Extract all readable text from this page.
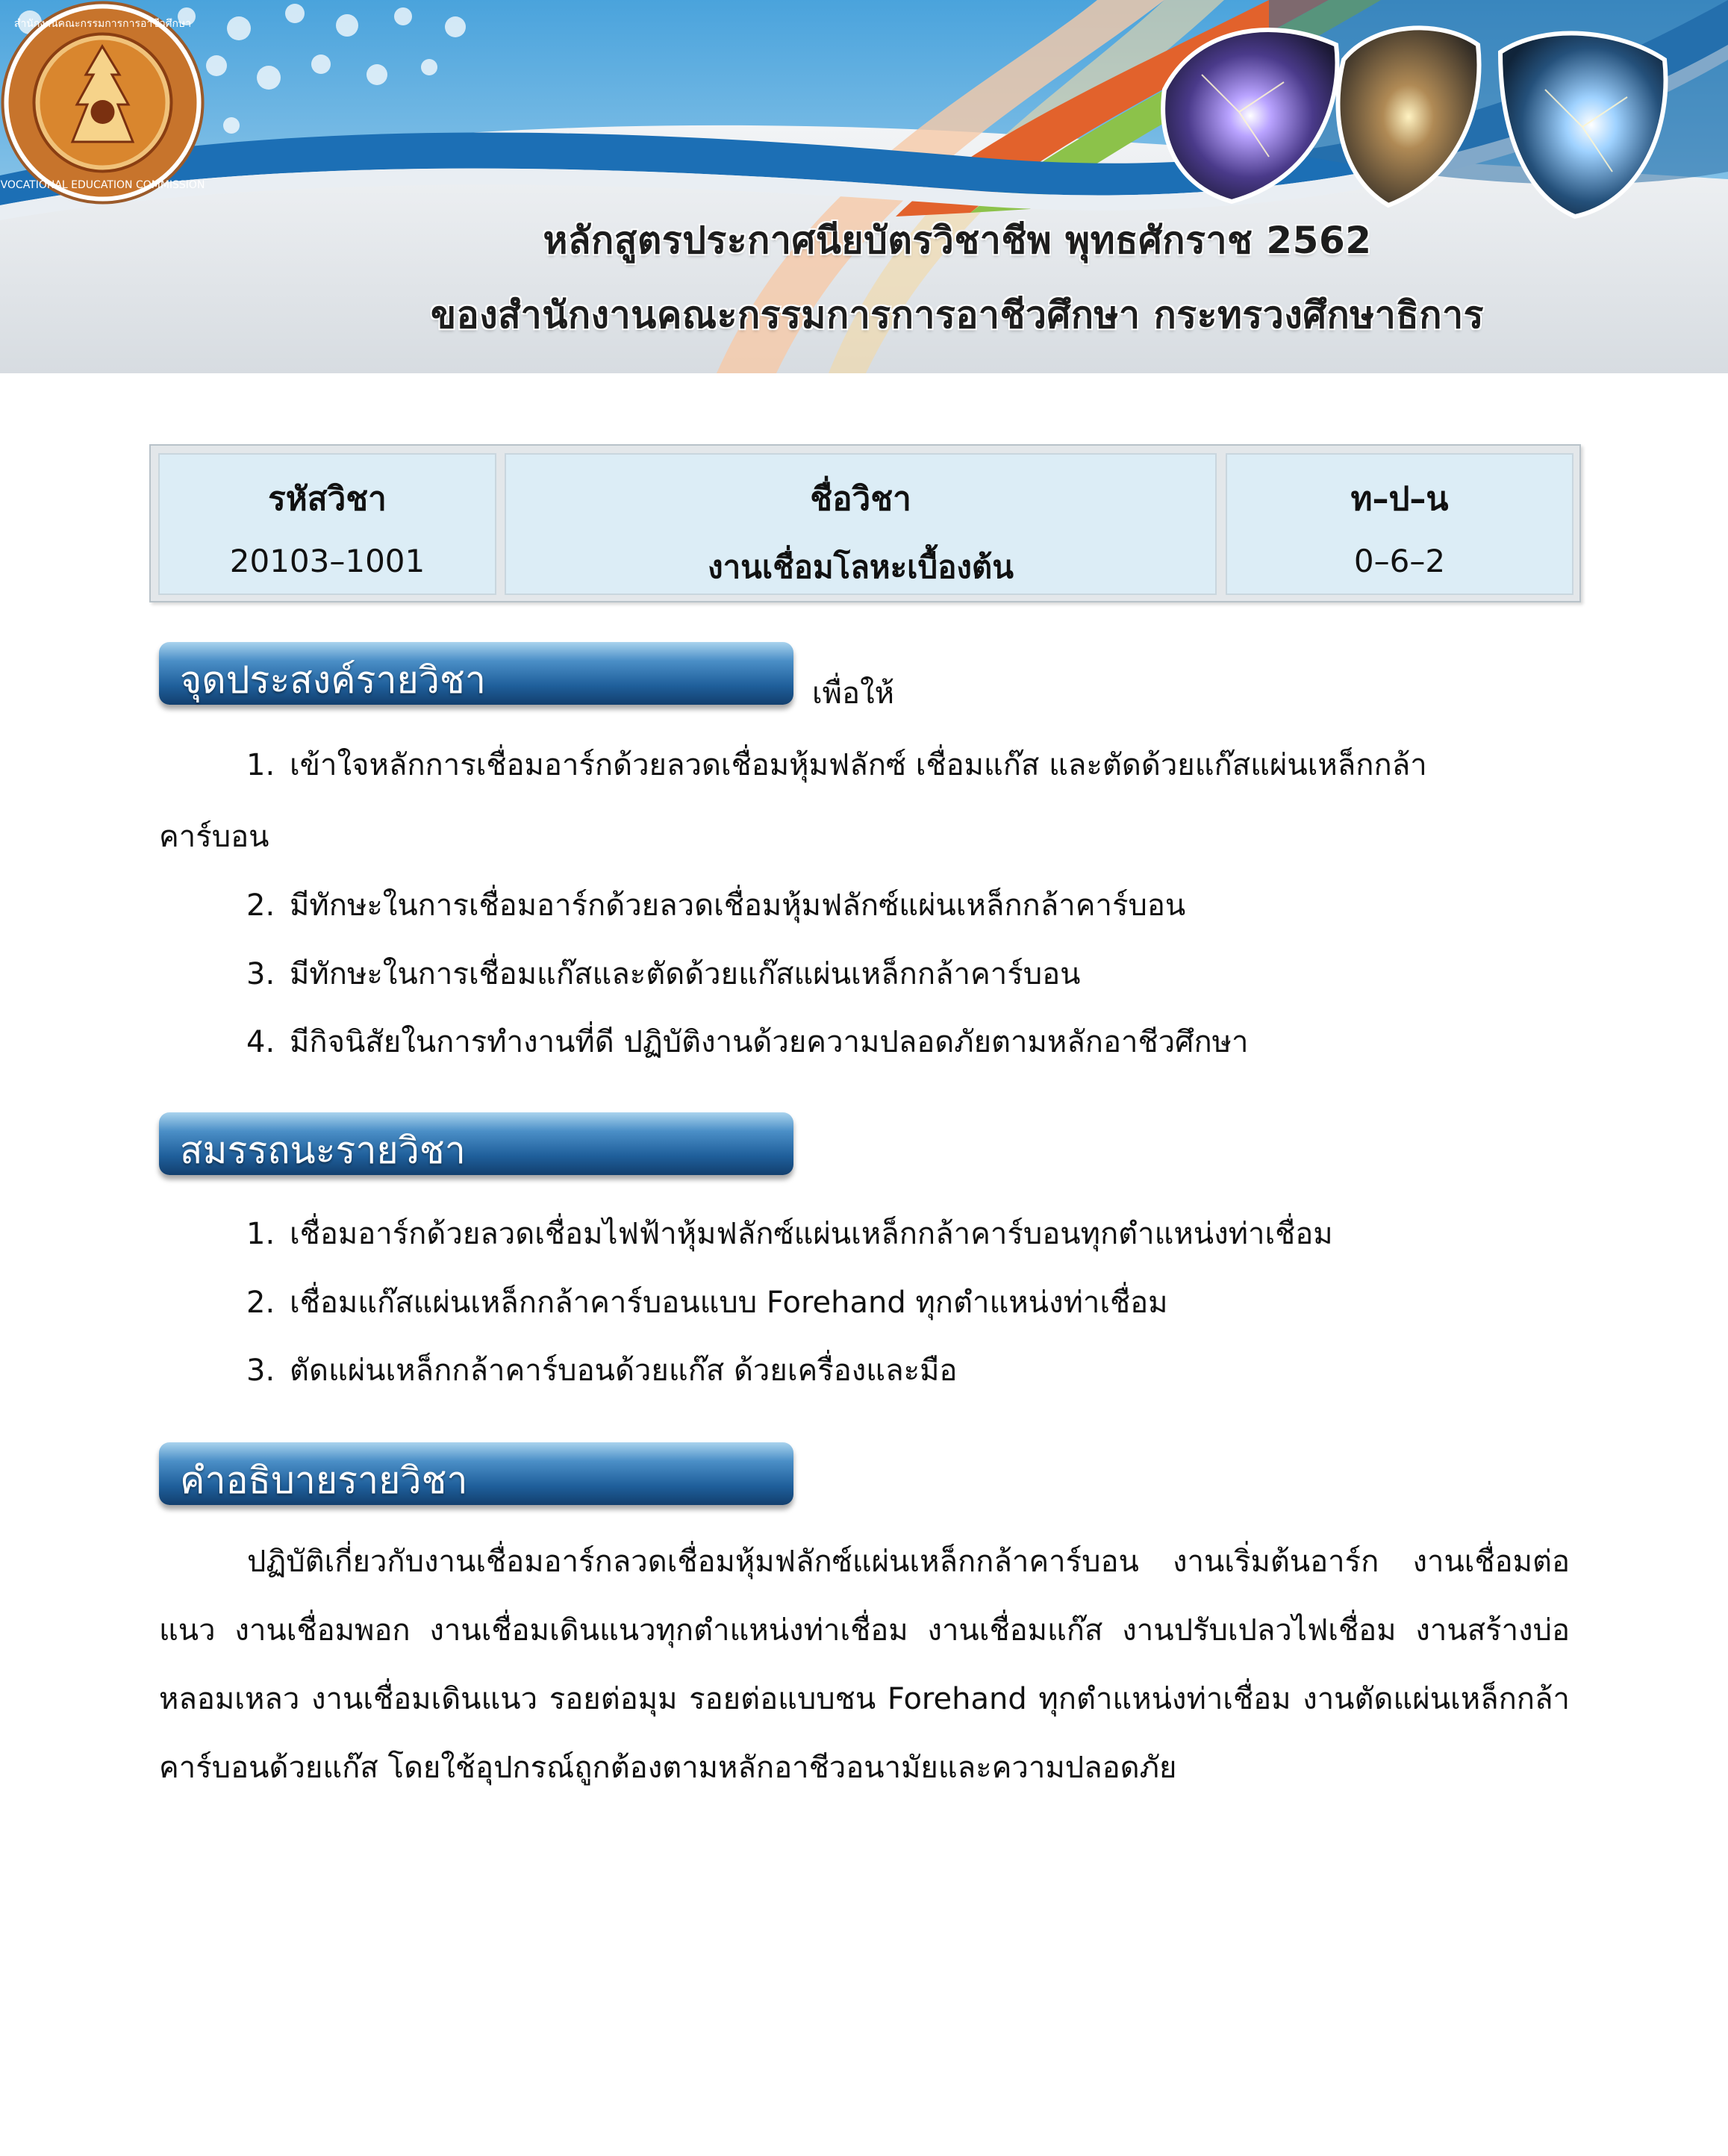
สำนักงานคณะกรรมการการอาชีวศึกษา
VOCATIONAL EDUCATION COMMISSION
หลักสูตรประกาศนียบัตรวิชาชีพ พุทธศักราช 2562
ของสำนักงานคณะกรรมการการอาชีวศึกษา กระทรวงศึกษาธิการ
รหัสวิชา
20103–1001
ชื่อวิชา
งานเชื่อมโลหะเบื้องต้น
ท–ป–น
0–6–2
จุดประสงค์รายวิชา	เพื่อให้
1. เข้าใจหลักการเชื่อมอาร์กด้วยลวดเชื่อมหุ้มฟลักซ์ เชื่อมแก๊ส และตัดด้วยแก๊สแผ่นเหล็กกล้า
คาร์บอน
2. มีทักษะในการเชื่อมอาร์กด้วยลวดเชื่อมหุ้มฟลักซ์แผ่นเหล็กกล้าคาร์บอน
3. มีทักษะในการเชื่อมแก๊สและตัดด้วยแก๊สแผ่นเหล็กกล้าคาร์บอน
4. มีกิจนิสัยในการทำงานที่ดี ปฏิบัติงานด้วยความปลอดภัยตามหลักอาชีวศึกษา
สมรรถนะรายวิชา
1. เชื่อมอาร์กด้วยลวดเชื่อมไฟฟ้าหุ้มฟลักซ์แผ่นเหล็กกล้าคาร์บอนทุกตำแหน่งท่าเชื่อม
2. เชื่อมแก๊สแผ่นเหล็กกล้าคาร์บอนแบบ Forehand ทุกตำแหน่งท่าเชื่อม
3. ตัดแผ่นเหล็กกล้าคาร์บอนด้วยแก๊ส ด้วยเครื่องและมือ
คำอธิบายรายวิชา
ปฏิบัติเกี่ยวกับงานเชื่อมอาร์กลวดเชื่อมหุ้มฟลักซ์แผ่นเหล็กกล้าคาร์บอน งานเริ่มต้นอาร์ก งานเชื่อมต่อแนว งานเชื่อมพอก งานเชื่อมเดินแนวทุกตำแหน่งท่าเชื่อม งานเชื่อมแก๊ส งานปรับเปลวไฟเชื่อม งานสร้างบ่อหลอมเหลว งานเชื่อมเดินแนว รอยต่อมุม รอยต่อแบบชน Forehand ทุกตำแหน่งท่าเชื่อม งานตัดแผ่นเหล็กกล้าคาร์บอนด้วยแก๊ส โดยใช้อุปกรณ์ถูกต้องตามหลักอาชีวอนามัยและความปลอดภัย
